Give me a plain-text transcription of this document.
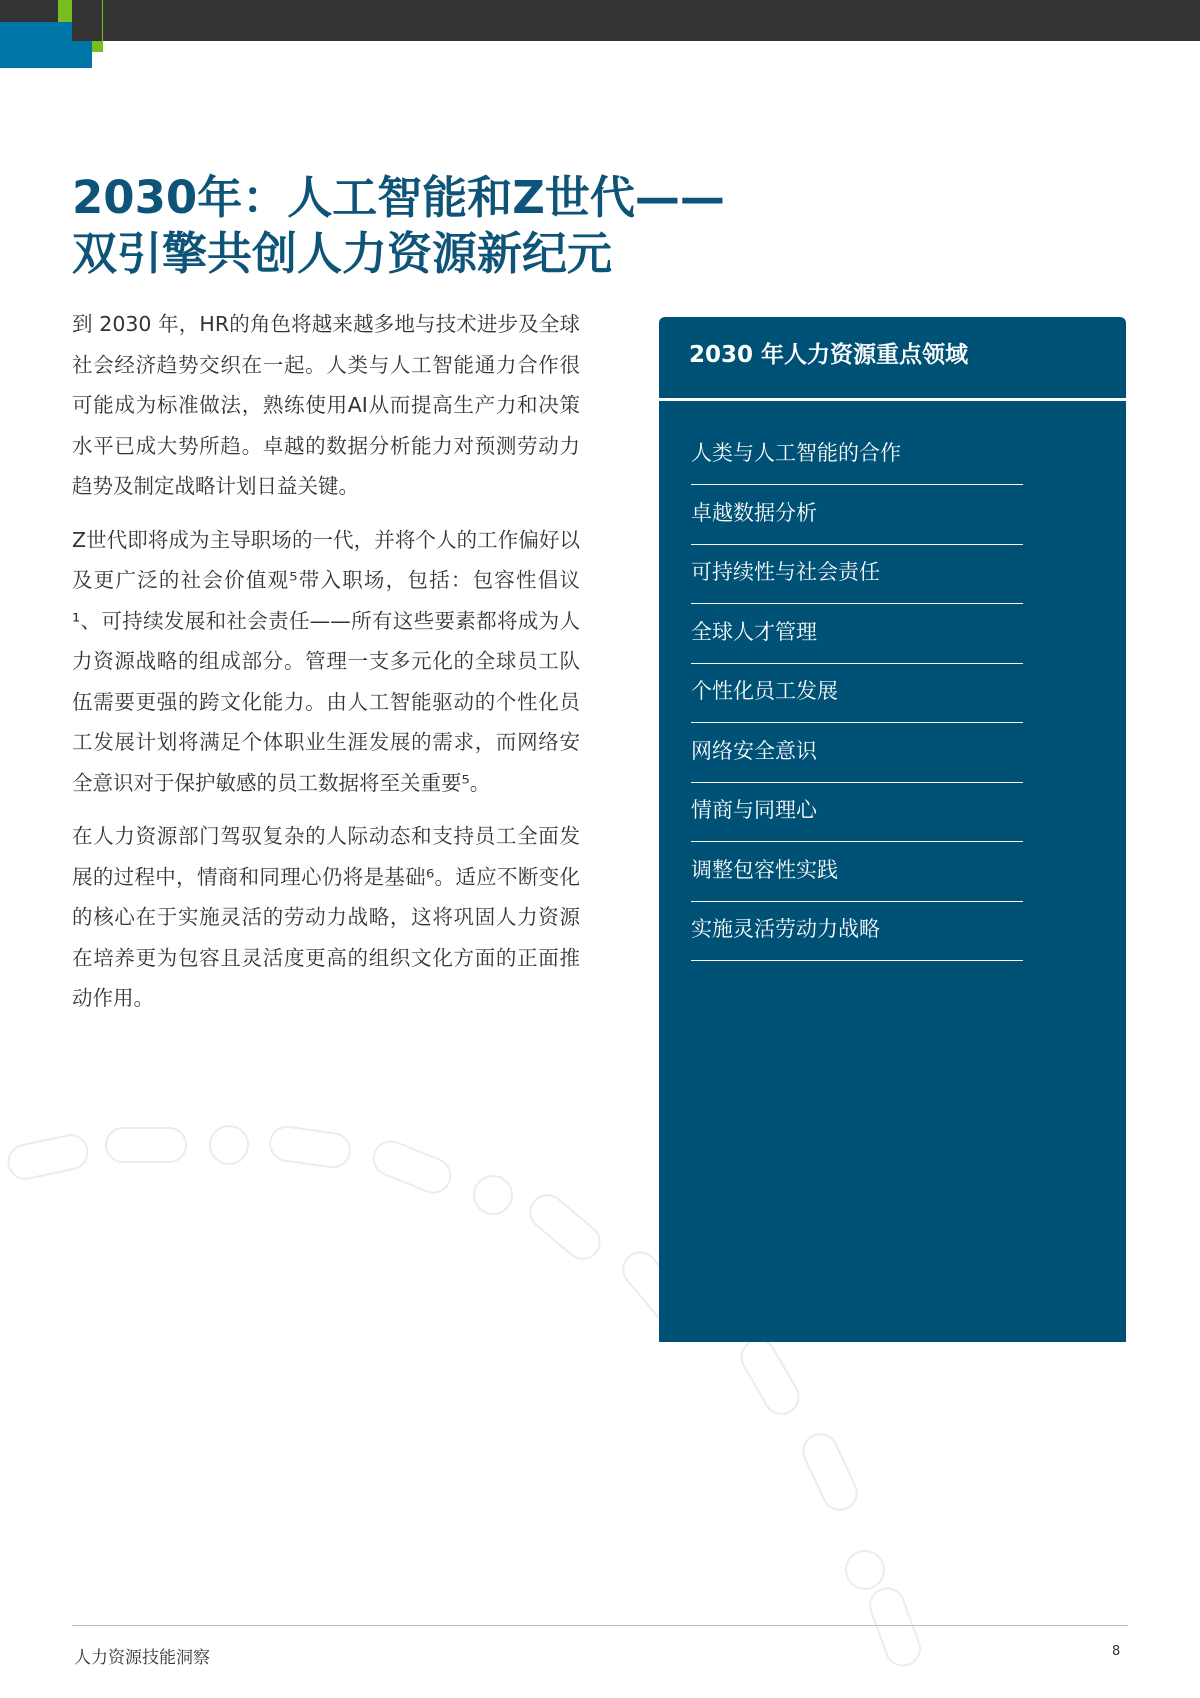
2030年：人工智能和Z世代——
双引擎共创人力资源新纪元

到 2030 年，HR的角色将越来越多地与技术进步及全球社会经济趋势交织在一起。人类与人工智能通力合作很可能成为标准做法，熟练使用AI从而提高生产力和决策水平已成大势所趋。卓越的数据分析能力对预测劳动力趋势及制定战略计划日益关键。

Z世代即将成为主导职场的一代，并将个人的工作偏好以及更广泛的社会价值观⁵带入职场，包括：包容性倡议¹、可持续发展和社会责任——所有这些要素都将成为人力资源战略的组成部分。管理一支多元化的全球员工队伍需要更强的跨文化能力。由人工智能驱动的个性化员工发展计划将满足个体职业生涯发展的需求，而网络安全意识对于保护敏感的员工数据将至关重要⁵。

在人力资源部门驾驭复杂的人际动态和支持员工全面发展的过程中，情商和同理心仍将是基础⁶。适应不断变化的核心在于实施灵活的劳动力战略，这将巩固人力资源在培养更为包容且灵活度更高的组织文化方面的正面推动作用。

2030 年人力资源重点领域
人类与人工智能的合作
卓越数据分析
可持续性与社会责任
全球人才管理
个性化员工发展
网络安全意识
情商与同理心
调整包容性实践
实施灵活劳动力战略
人力资源技能洞察	8
